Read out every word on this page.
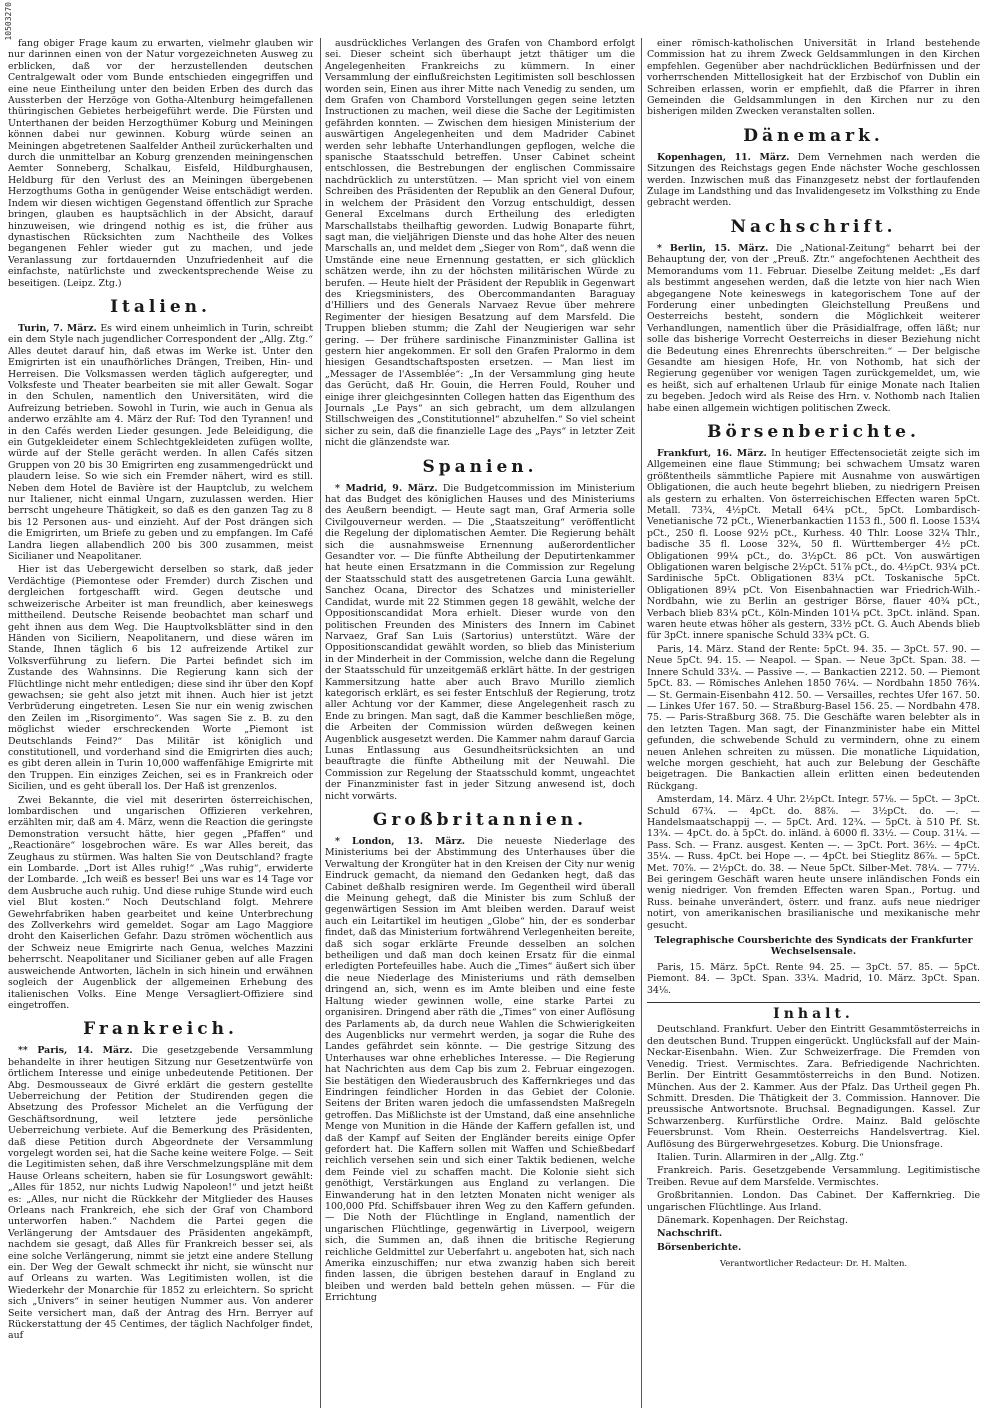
10503270

fang obiger Frage kaum zu erwarten, vielmehr glauben wir nur darinnen einen von der Natur vorgezeichneten Ausweg zu erblicken, daß vor der herzustellenden deutschen Centralgewalt oder vom Bunde entschieden eingegriffen und eine neue Eintheilung unter den beiden Erben des durch das Aussterben der Herzöge von Gotha-Altenburg heimgefallenen thüringischen Gebietes herbeigeführt werde. Die Fürsten und Unterthanen der beiden Herzogthümer Koburg und Meiningen können dabei nur gewinnen. Koburg würde seinen an Meiningen abgetretenen Saalfelder Antheil zurückerhalten und durch die unmittelbar an Koburg grenzenden meiningenschen Aemter Sonneberg, Schalkau, Eisfeld, Hildburghausen, Heldburg für den Verlust des an Meiningen übergebenen Herzogthums Gotha in genügender Weise entschädigt werden. Indem wir diesen wichtigen Gegenstand öffentlich zur Sprache bringen, glauben es hauptsächlich in der Absicht, darauf hinzuweisen, wie dringend nothig es ist, die früher aus dynastischen Rücksichten zum Nachtheile des Volkes begangenen Fehler wieder gut zu machen, und jede Veranlassung zur fortdauernden Unzufriedenheit auf die einfachste, natürlichste und zweckentsprechende Weise zu beseitigen. (Leipz. Ztg.)

Italien.

Turin, 7. März. Es wird einem unheimlich in Turin, schreibt ein dem Style nach jugendlicher Correspondent der „Allg. Ztg.“ Alles deutet darauf hin, daß etwas im Werke ist. Unter den Emigrirten ist ein unaufhörliches Drängen, Treiben, Hin- und Herreisen. Die Volksmassen werden täglich aufgeregter, und Volksfeste und Theater bearbeiten sie mit aller Gewalt. Sogar in den Schulen, namentlich den Universitäten, wird die Aufreizung betrieben. Sowohl in Turin, wie auch in Genua als anderwo erzählte am 4. März der Ruf: Tod den Tyrannen! und in den Cafés werden Lieder gesungen. Jede Beleidigung, die ein Gutgekleideter einem Schlechtgekleideten zufügen wollte, würde auf der Stelle gerächt werden. In allen Cafés sitzen Gruppen von 20 bis 30 Emigrirten eng zusammengedrückt und plaudern leise. So wie sich ein Fremder nähert, wird es still. Neben dem Hotel de Bavière ist der Hauptclub, zu welchem nur Italiener, nicht einmal Ungarn, zuzulassen werden. Hier berrscht ungeheure Thätigkeit, so daß es den ganzen Tag zu 8 bis 12 Personen aus- und einzieht. Auf der Post drängen sich die Emigrirten, um Briefe zu geben und zu empfangen. Im Café Landra liegen allabendlich 200 bis 300 zusammen, meist Sicilianer und Neapolitaner.

Hier ist das Uebergewicht derselben so stark, daß jeder Verdächtige (Piemontese oder Fremder) durch Zischen und dergleichen fortgeschafft wird. Gegen deutsche und schweizerische Arbeiter ist man freundlich, aber keineswegs mittheilend. Deutsche Reisende beobachtet man scharf und geht ihnen aus dem Weg. Die Hauptvolksblätter sind in den Händen von Siciliern, Neapolitanern, und diese wären im Stande, Ihnen täglich 6 bis 12 aufreizende Artikel zur Volksverführung zu liefern. Die Partei befindet sich im Zustande des Wahnsinns. Die Regierung kann sich der Flüchtlinge nicht mehr entledigen; diese sind ihr über den Kopf gewachsen; sie geht also jetzt mit ihnen. Auch hier ist jetzt Verbrüderung eingetreten. Lesen Sie nur ein wenig zwischen den Zeilen im „Risorgimento“. Was sagen Sie z. B. zu den möglichst wieder erschreckenden Worte „Piemont ist Deutschlands Feind?“ Das Militär ist königlich und constitutionell, und vorderhand sind die Emigrirten dies auch; es gibt deren allein in Turin 10,000 waffenfähige Emigrirte mit den Truppen. Ein einziges Zeichen, sei es in Frankreich oder Sicilien, und es geht überall los. Der Haß ist grenzenlos.

Zwei Bekannte, die viel mit deserirten österreichischen, lombardischen und ungarischen Offizieren verkehren, erzählten mir, daß am 4. März, wenn die Reaction die geringste Demonstration versucht hätte, hier gegen „Pfaffen“ und „Reactionäre“ losgebrochen wäre. Es war Alles bereit, das Zeughaus zu stürmen. Was halten Sie von Deutschland? fragte ein Lombarde. „Dort ist Alles ruhig!“ „Was ruhig“, erwiderte der Lombarde. „Ich weiß es besser! Bei uns war es 14 Tage vor dem Ausbruche auch ruhig. Und diese ruhige Stunde wird euch viel Blut kosten.“ Noch Deutschland folgt. Mehrere Gewehrfabriken haben gearbeitet und keine Unterbrechung des Zollverkehrs wird gemeldet. Sogar am Lago Maggiore droht den Kaiserlichen Gefahr. Dazu strömen wöchentlich aus der Schweiz neue Emigrirte nach Genua, welches Mazzini beherrscht. Neapolitaner und Sicilianer geben auf alle Fragen ausweichende Antworten, lächeln in sich hinein und erwähnen sogleich der Augenblick der allgemeinen Erhebung des italienischen Volks. Eine Menge Versagliert-Offiziere sind eingetroffen.

Frankreich.

** Paris, 14. März. Die gesetzgebende Versammlung behandelte in ihrer heutigen Sitzung nur Gesetzentwürfe von örtlichem Interesse und einige unbedeutende Petitionen. Der Abg. Desmousseaux de Givré erklärt die gestern gestellte Ueberreichung der Petition der Studirenden gegen die Absetzung des Professor Michelet an die Verfügung der Geschäftsordnung, weil letztere jede persönliche Ueberreichung verbiete. Auf die Bemerkung des Präsidenten, daß diese Petition durch Abgeordnete der Versammlung vorgelegt worden sei, hat die Sache keine weitere Folge. — Seit die Legitimisten sehen, daß ihre Verschmelzungspläne mit dem Hause Orleans scheitern, haben sie für Losungswort gewählt: „Alles für 1852, nur nichts Ludwig Napoleon!“ und jetzt heißt es: „Alles, nur nicht die Rückkehr der Mitglieder des Hauses Orleans nach Frankreich, ehe sich der Graf von Chambord unterworfen haben.“ Nachdem die Partei gegen die Verlängerung der Amtsdauer des Präsidenten angekämpft, nachdem sie gesagt, daß Alles für Frankreich besser sei, als eine solche Verlängerung, nimmt sie jetzt eine andere Stellung ein. Der Weg der Gewalt schmeckt ihr nicht, sie wünscht nur auf Orleans zu warten. Was Legitimisten wollen, ist die Wiederkehr der Monarchie für 1852 zu erleichtern. So spricht sich „Univers“ in seiner heutigen Nummer aus. Von anderer Seite versichert man, daß der Antrag des Hrn. Berryer auf Rückerstattung der 45 Centimes, der täglich Nachfolger findet, auf

ausdrückliches Verlangen des Grafen von Chambord erfolgt sei. Dieser scheint sich überhaupt jetzt thätiger um die Angelegenheiten Frankreichs zu kümmern. In einer Versammlung der einflußreichsten Legitimisten soll beschlossen worden sein, Einen aus ihrer Mitte nach Venedig zu senden, um dem Grafen von Chambord Vorstellungen gegen seine letzten Instructionen zu machen, weil diese die Sache der Legitimisten gefährden konnten. — Zwischen dem hiesigen Ministerium der auswärtigen Angelegenheiten und dem Madrider Cabinet werden sehr lebhafte Unterhandlungen gepflogen, welche die spanische Staatsschuld betreffen. Unser Cabinet scheint entschlossen, die Bestrebungen der englischen Commissaire nachdrücklich zu unterstützen. — Man spricht viel von einem Schreiben des Präsidenten der Republik an den General Dufour, in welchem der Präsident den Vorzug entschuldigt, dessen General Excelmans durch Ertheilung des erledigten Marschallstabs theilhaftig geworden. Ludwig Bonaparte führt, sagt man, die vieljährigen Dienste und das hohe Alter des neuen Marschalls an, und meldet dem „Sieger von Rom“, daß wenn die Umstände eine neue Ernennung gestatten, er sich glücklich schätzen werde, ihn zu der höchsten militärischen Würde zu berufen. — Heute hielt der Präsident der Republik in Gegenwart des Kriegsministers, des Obercommandanten Baraguay d'Hilliers und des Generals Narvaez Revue über mehrere Regimenter der hiesigen Besatzung auf dem Marsfeld. Die Truppen blieben stumm; die Zahl der Neugierigen war sehr gering. — Der frühere sardinische Finanzminister Gallina ist gestern hier angekommen. Er soll den Grafen Pralormo in dem hiesigen Gesandtschaftsposten ersetzen. — Man liest im „Messager de l'Assemblée“: „In der Versammlung ging heute das Gerücht, daß Hr. Gouin, die Herren Fould, Rouher und einige ihrer gleichgesinnten Collegen hatten das Eigenthum des Journals „Le Pays“ an sich gebracht, um dem allzulangen Stillschweigen des „Constitutionnel“ abzuhelfen.“ So viel scheint sicher zu sein, daß die finanzielle Lage des „Pays“ in letzter Zeit nicht die glänzendste war.

Spanien.

* Madrid, 9. März. Die Budgetcommission im Ministerium hat das Budget des königlichen Hauses und des Ministeriums des Aeußern beendigt. — Heute sagt man, Graf Armeria solle Civilgouverneur werden. — Die „Staatszeitung“ veröffentlicht die Regelung der diplomatischen Aemter. Die Regierung behält sich die ausnahmsweise Ernennung außerordentlicher Gesandter vor. — Die fünfte Abtheilung der Deputirtenkammer hat heute einen Ersatzmann in die Commission zur Regelung der Staatsschuld statt des ausgetretenen Garcia Luna gewählt. Sanchez Ocana, Director des Schatzes und ministerieller Candidat, wurde mit 22 Stimmen gegen 18 gewählt, welche der Oppositionscandidat Mora erhielt. Dieser wurde von den politischen Freunden des Ministers des Innern im Cabinet Narvaez, Graf San Luis (Sartorius) unterstützt. Wäre der Oppositionscandidat gewählt worden, so blieb das Ministerium in der Minderheit in der Commission, welche dann die Regelung der Staatsschuld für unzeitgemäß erklärt hätte. In der gestrigen Kammersitzung hatte aber auch Bravo Murillo ziemlich kategorisch erklärt, es sei fester Entschluß der Regierung, trotz aller Achtung vor der Kammer, diese Angelegenheit rasch zu Ende zu bringen. Man sagt, daß die Kammer beschließen möge, die Arbeiten der Commission würden deßwegen keinen Augenblick ausgesetzt werden. Die Kammer nahm darauf Garcia Lunas Entlassung aus Gesundheitsrücksichten an und beauftragte die fünfte Abtheilung mit der Neuwahl. Die Commission zur Regelung der Staatsschuld kommt, ungeachtet der Finanzminister fast in jeder Sitzung anwesend ist, doch nicht vorwärts.

Großbritannien.

* London, 13. März. Die neueste Niederlage des Ministeriums bei der Abstimmung des Unterhauses über die Verwaltung der Krongüter hat in den Kreisen der City nur wenig Eindruck gemacht, da niemand den Gedanken hegt, daß das Cabinet deßhalb resigniren werde. Im Gegentheil wird überall die Meinung gehegt, daß die Minister bis zum Schluß der gegenwärtigen Session im Amt bleiben werden. Darauf weist auch ein Leitartikel im heutigen „Globe“ hin, der es sonderbar findet, daß das Ministerium fortwährend Verlegenheiten bereite, daß sich sogar erklärte Freunde desselben an solchen betheiligen und daß man doch keinen Ersatz für die einmal erledigten Portefeuilles habe. Auch die „Times“ äußert sich über die neue Niederlage des Ministeriums und räth demselben dringend an, sich, wenn es im Amte bleiben und eine feste Haltung wieder gewinnen wolle, eine starke Partei zu organisiren. Dringend aber räth die „Times“ von einer Auflösung des Parlaments ab, da durch neue Wahlen die Schwierigkeiten des Augenblicks nur vermehrt werden, ja sogar die Ruhe des Landes gefährdet sein könnte. — Die gestrige Sitzung des Unterhauses war ohne erhebliches Interesse. — Die Regierung hat Nachrichten aus dem Cap bis zum 2. Februar eingezogen. Sie bestätigen den Wiederausbruch des Kaffernkrieges und das Eindringen feindlicher Horden in das Gebiet der Colonie. Seitens der Briten waren jedoch die umfassendsten Maßregeln getroffen. Das Mißlichste ist der Umstand, daß eine ansehnliche Menge von Munition in die Hände der Kaffern gefallen ist, und daß der Kampf auf Seiten der Engländer bereits einige Opfer gefordert hat. Die Kaffern sollen mit Waffen und Schießbedarf reichlich versehen sein und sich einer Taktik bedienen, welche dem Feinde viel zu schaffen macht. Die Kolonie sieht sich genöthigt, Verstärkungen aus England zu verlangen. Die Einwanderung hat in den letzten Monaten nicht weniger als 100,000 Pfd. Schiffsbauer ihren Weg zu den Kaffern gefunden. — Die Noth der Flüchtlinge in England, namentlich der ungarischen Flüchtlinge, gegenwärtig in Liverpool, weigern sich, die Summen an, daß ihnen die britische Regierung reichliche Geldmittel zur Ueberfahrt u. angeboten hat, sich nach Amerika einzuschiffen; nur etwa zwanzig haben sich bereit finden lassen, die übrigen bestehen darauf in England zu bleiben und werden bald betteln gehen müssen. — Für die Errichtung

einer römisch-katholischen Universität in Irland bestehende Commission hat zu ihrem Zweck Geldsammlungen in den Kirchen empfehlen. Gegenüber aber nachdrücklichen Bedürfnissen und der vorherrschenden Mittellosigkeit hat der Erzbischof von Dublin ein Schreiben erlassen, worin er empfiehlt, daß die Pfarrer in ihren Gemeinden die Geldsammlungen in den Kirchen nur zu den bisherigen milden Zwecken veranstalten sollen.

Dänemark.

Kopenhagen, 11. März. Dem Vernehmen nach werden die Sitzungen des Reichstags gegen Ende nächster Woche geschlossen werden. Inzwischen muß das Finanzgesetz nebst der fortlaufenden Zulage im Landsthing und das Invalidengesetz im Volksthing zu Ende gebracht werden.

Nachschrift.

* Berlin, 15. März. Die „National-Zeitung“ beharrt bei der Behauptung der, von der „Preuß. Ztr.“ angefochtenen Aechtheit des Memorandums vom 11. Februar. Dieselbe Zeitung meldet: „Es darf als bestimmt angesehen werden, daß die letzte von hier nach Wien abgegangene Note keineswegs in kategorischem Tone auf der Forderung einer unbedingten Gleichstellung Preußens und Oesterreichs besteht, sondern die Möglichkeit weiterer Verhandlungen, namentlich über die Präsidialfrage, offen läßt; nur solle das bisherige Vorrecht Oesterreichs in dieser Beziehung nicht die Bedeutung eines Ehrenrechts überschreiten.“ — Der belgische Gesandte am hiesigen Hofe, Hr. von Nothomb, hat sich der Regierung gegenüber vor wenigen Tagen zurückgemeldet, um, wie es heißt, sich auf erhaltenen Urlaub für einige Monate nach Italien zu begeben. Jedoch wird als Reise des Hrn. v. Nothomb nach Italien habe einen allgemein wichtigen politischen Zweck.

Börsenberichte.

Frankfurt, 16. März. In heutiger Effectensocietät zeigte sich im Allgemeinen eine flaue Stimmung; bei schwachem Umsatz waren größtentheils sämmtliche Papiere mit Ausnahme von auswärtigen Obligationen, die auch heute begehrt blieben, zu niedrigern Preisen als gestern zu erhalten. Von österreichischen Effecten waren 5pCt. Metall. 73¾, 4½pCt. Metall 64¼ pCt., 5pCt. Lombardisch-Venetianische 72 pCt., Wienerbankactien 1153 fl., 500 fl. Loose 153¼ pCt., 250 fl. Loose 92½ pCt., Kurhess. 40 Thlr. Loose 32¼ Thlr., badische 35 fl. Loose 32¾, 50 fl. Württemberger 4½ pCt. Obligationen 99¼ pCt., do. 3½pCt. 86 pCt. Von auswärtigen Obligationen waren belgische 2½pCt. 51⅞ pCt., do. 4½pCt. 93¼ pCt. Sardinische 5pCt. Obligationen 83¼ pCt. Toskanische 5pCt. Obligationen 89¼ pCt. Von Eisenbahnactien war Friedrich-Wilh.-Nordbahn, wie zu Berlin an gestriger Börse, flauer 40¾ pCt., Verbach blieb 83¼ pCt., Köln-Minden 101¼ pCt. 3pCt. inländ. Span. waren heute etwas höher als gestern, 33½ pCt. G. Auch Abends blieb für 3pCt. innere spanische Schuld 33¾ pCt. G.

Paris, 14. März. Stand der Rente: 5pCt. 94. 35. — 3pCt. 57. 90. — Neue 5pCt. 94. 15. — Neapol. — Span. — Neue 3pCt. Span. 38. — Innere Schuld 33¼. — Passive —. — Bankactien 2212. 50. — Piemont 5pCt. 83. — Römisches Anlehen 1850 76¼. — Nordbahn 1850 76¾. — St. Germain-Eisenbahn 412. 50. — Versailles, rechtes Ufer 167. 50. — Linkes Ufer 167. 50. — Straßburg-Basel 156. 25. — Nordbahn 478. 75. — Paris-Straßburg 368. 75. Die Geschäfte waren belebter als in den letzten Tagen. Man sagt, der Finanzminister habe ein Mittel gefunden, die schwebende Schuld zu vermindern, ohne zu einem neuen Anlehen schreiten zu müssen. Die monatliche Liquidation, welche morgen geschieht, hat auch zur Belebung der Geschäfte beigetragen. Die Bankactien allein erlitten einen bedeutenden Rückgang.

Amsterdam, 14. März. 4 Uhr. 2½pCt. Integr. 57⅛. — 5pCt. — 3pCt. Schuld 67¾. — 4pCt. do. 88⅞. — 3½pCt. do. —. — Handelsmaatschappij —. — 5pCt. Ard. 12¾. — 5pCt. à 510 Pf. St. 13¾. — 4pCt. do. à 5pCt. do. inländ. à 6000 fl. 33½. — Coup. 31¼. — Pass. Sch. — Franz. ausgest. Kenten —. — 3pCt. Port. 36½. — 4pCt. 35¼. — Russ. 4pCt. bei Hope —. — 4pCt. bei Stieglitz 86⅞. — 5pCt. Met. 70⅞. — 2½pCt. do. 38. — Neue 5pCt. Silber-Met. 78¼. — 77½. Bei geringem Geschäft waren heute unsere inländischen Fonds ein wenig niedriger. Von fremden Effecten waren Span., Portug. und Russ. beinahe unverändert, österr. und franz. aufs neue niedriger notirt, von amerikanischen brasilianische und mexikanische mehr gesucht.

Telegraphische Coursberichte des Syndicats der Frankfurter Wechselsensale.

Paris, 15. März. 5pCt. Rente 94. 25. — 3pCt. 57. 85. — 5pCt. Piemont. 84. — 3pCt. Span. 33¼. Madrid, 10. März. 3pCt. Span. 34⅛.

Inhalt.

Deutschland. Frankfurt. Ueber den Eintritt Gesammtösterreichs in den deutschen Bund. Truppen eingerückt. Unglücksfall auf der Main-Neckar-Eisenbahn. Wien. Zur Schweizerfrage. Die Fremden von Venedig. Triest. Vermischtes. Zara. Befriedigende Nachrichten. Berlin. Der Eintritt Gesammtösterreichs in den Bund. Notizen. München. Aus der 2. Kammer. Aus der Pfalz. Das Urtheil gegen Ph. Schmitt. Dresden. Die Thätigkeit der 3. Commission. Hannover. Die preussische Antwortsnote. Bruchsal. Begnadigungen. Kassel. Zur Schwarzenberg. Kurfürstliche Ordre. Mainz. Bald gelöschte Feuersbrunst. Vom Rhein. Oesterreichs Handelsvertrag. Kiel. Auflösung des Bürgerwehrgesetzes. Koburg. Die Unionsfrage.

Italien. Turin. Allarmiren in der „Allg. Ztg.“

Frankreich. Paris. Gesetzgebende Versammlung. Legitimistische Treiben. Revue auf dem Marsfelde. Vermischtes.

Großbritannien. London. Das Cabinet. Der Kaffernkrieg. Die ungarischen Flüchtlinge. Aus Irland.

Dänemark. Kopenhagen. Der Reichstag.

Nachschrift.

Börsenberichte.

Verantwortlicher Redacteur: Dr. H. Malten.
